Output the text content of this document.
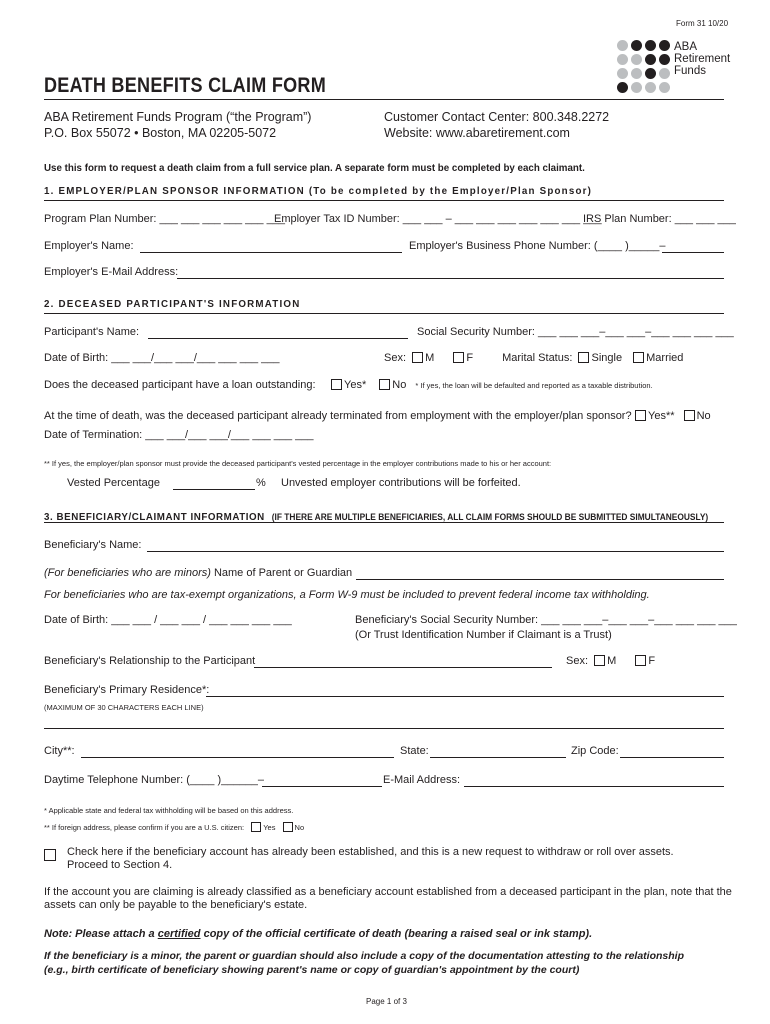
Form 31 10/20
ABA
Retirement
Funds
DEATH BENEFITS CLAIM FORM
ABA Retirement Funds Program (“the Program”)
P.O. Box 55072 • Boston, MA 02205-5072
Customer Contact Center: 800.348.2272
Website: www.abaretirement.com
Use this form to request a death claim from a full service plan. A separate form must be completed by each claimant.
1. EMPLOYER/PLAN SPONSOR INFORMATION (To be completed by the Employer/Plan Sponsor)
Program Plan Number: ___ ___ ___ ___ ___ ___
Employer Tax ID Number: ___ ___ – ___ ___ ___ ___ ___ ___ ___
IRS Plan Number: ___ ___ ___
Employer's Name:	Employer's Business Phone Number: (____ )_____–
Employer's E-Mail Address:
2. DECEASED PARTICIPANT'S INFORMATION
Participant's Name:	Social Security Number: ___ ___ ___–___ ___–___ ___ ___ ___
Date of Birth: ___ ___/___ ___/___ ___ ___ ___	Sex: M	F	Marital Status: Single Married
Does the deceased participant have a loan outstanding:	Yes* No * If yes, the loan will be defaulted and reported as a taxable distribution.
At the time of death, was the deceased participant already terminated from employment with the employer/plan sponsor?	Yes** No
Date of Termination: ___ ___/___ ___/___ ___ ___ ___
** If yes, the employer/plan sponsor must provide the deceased participant's vested percentage in the employer contributions made to his or her account:
Vested Percentage	% Unvested employer contributions will be forfeited.
3. BENEFICIARY/CLAIMANT INFORMATION (IF THERE ARE MULTIPLE BENEFICIARIES, ALL CLAIM FORMS SHOULD BE SUBMITTED SIMULTANEOUSLY)
Beneficiary's Name:
(For beneficiaries who are minors) Name of Parent or Guardian
For beneficiaries who are tax-exempt organizations, a Form W-9 must be included to prevent federal income tax withholding.
Date of Birth: ___ ___ / ___ ___ / ___ ___ ___ ___	Beneficiary's Social Security Number: ___ ___ ___–___ ___–___ ___ ___ ___
(Or Trust Identification Number if Claimant is a Trust)
Beneficiary's Relationship to the Participant	Sex: M	F
Beneficiary's Primary Residence*:
(MAXIMUM OF 30 CHARACTERS EACH LINE)
City**:	State:	Zip Code:
Daytime Telephone Number: (____ )______–	E-Mail Address:
* Applicable state and federal tax withholding will be based on this address.
** If foreign address, please confirm if you are a U.S. citizen:	Yes	No
Check here if the beneficiary account has already been established, and this is a new request to withdraw or roll over assets.
Proceed to Section 4.
If the account you are claiming is already classified as a beneficiary account established from a deceased participant in the plan, note that the
assets can only be payable to the beneficiary's estate.
Note: Please attach a certified copy of the official certificate of death (bearing a raised seal or ink stamp).
If the beneficiary is a minor, the parent or guardian should also include a copy of the documentation attesting to the relationship
(e.g., birth certificate of beneficiary showing parent's name or copy of guardian's appointment by the court)
Page 1 of 3
